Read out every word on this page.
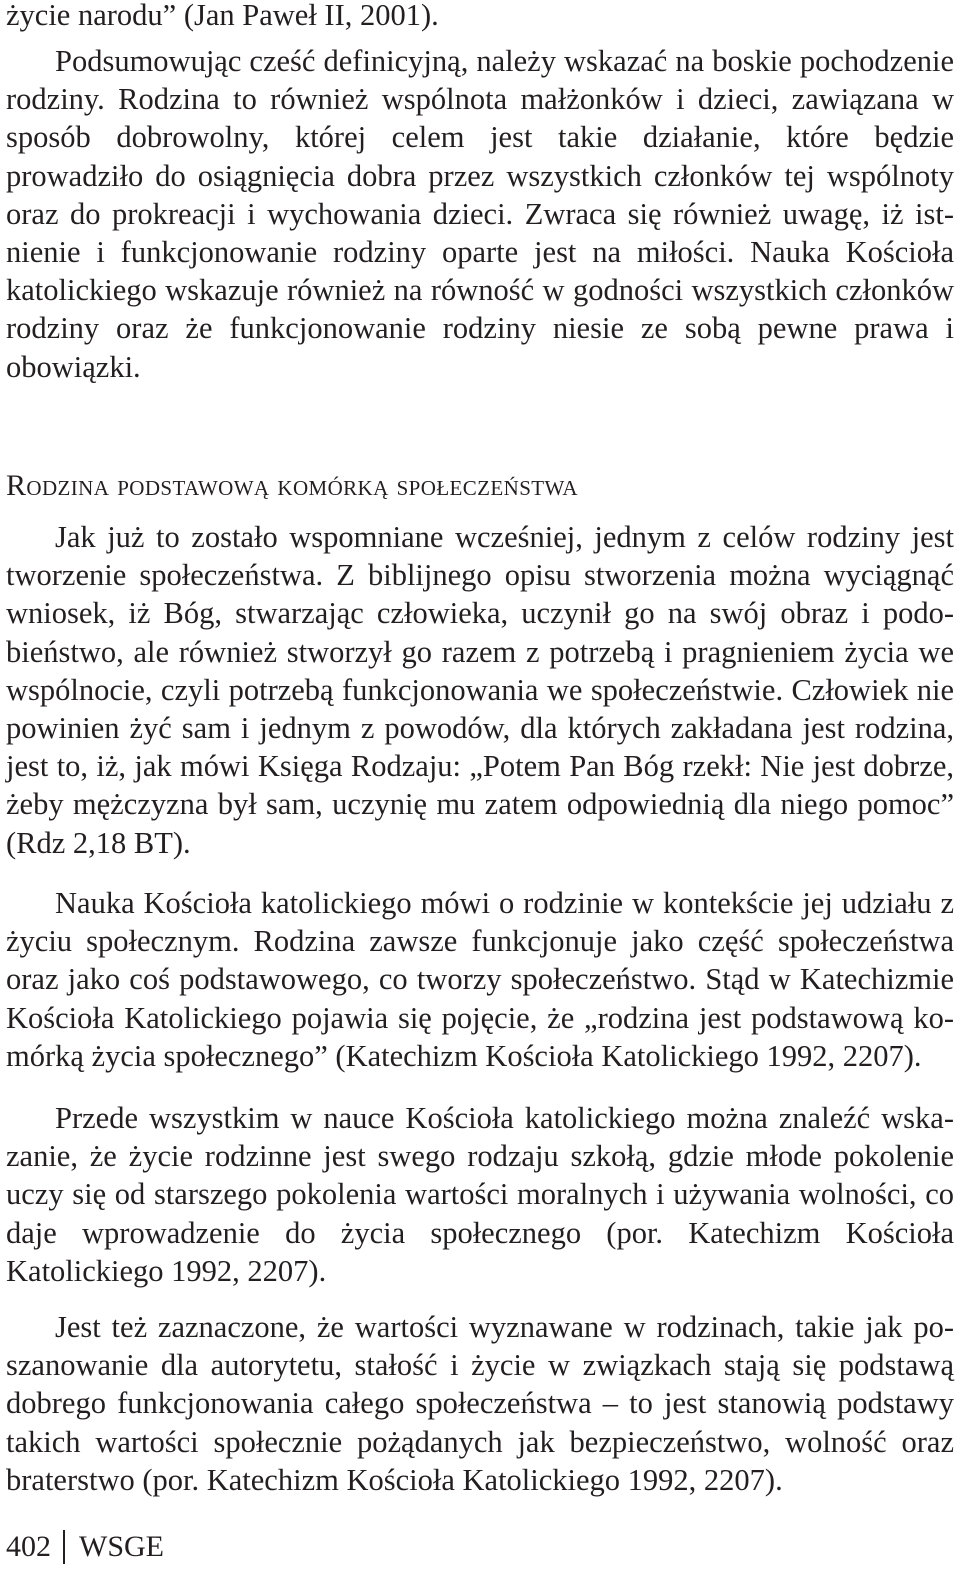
życie narodu” (Jan Paweł II, 2001).

Podsumowując cześć definicyjną, należy wskazać na boskie pochodzenie rodziny. Rodzina to również wspólnota małżonków i dzieci, zawiązana w sposób dobrowolny, której celem jest takie działanie, które będzie prowadziło do osiągnięcia dobra przez wszystkich członków tej wspólnoty oraz do prokreacji i wychowania dzieci. Zwraca się również uwagę, iż istnienie i funkcjonowanie rodziny oparte jest na miłości. Nauka Kościoła katolickiego wskazuje również na równość w godności wszystkich członków rodziny oraz że funkcjonowanie rodziny niesie ze sobą pewne prawa i obowiązki.

Rodzina podstawową komórką społeczeństwa

Jak już to zostało wspomniane wcześniej, jednym z celów rodziny jest tworzenie społeczeństwa. Z biblijnego opisu stworzenia można wyciągnąć wniosek, iż Bóg, stwarzając człowieka, uczynił go na swój obraz i podobieństwo, ale również stworzył go razem z potrzebą i pragnieniem życia we wspólnocie, czyli potrzebą funkcjonowania we społeczeństwie. Człowiek nie powinien żyć sam i jednym z powodów, dla których zakładana jest rodzina, jest to, iż, jak mówi Księga Rodzaju: „Potem Pan Bóg rzekł: Nie jest dobrze, żeby mężczyzna był sam, uczynię mu zatem odpowiednią dla niego pomoc” (Rdz 2,18 BT).

Nauka Kościoła katolickiego mówi o rodzinie w kontekście jej udziału z życiu społecznym. Rodzina zawsze funkcjonuje jako część społeczeństwa oraz jako coś podstawowego, co tworzy społeczeństwo. Stąd w Katechizmie Kościoła Katolickiego pojawia się pojęcie, że „rodzina jest podstawową komórką życia społecznego” (Katechizm Kościoła Katolickiego 1992, 2207).

Przede wszystkim w nauce Kościoła katolickiego można znaleźć wskazanie, że życie rodzinne jest swego rodzaju szkołą, gdzie młode pokolenie uczy się od starszego pokolenia wartości moralnych i używania wolności, co daje wprowadzenie do życia społecznego (por. Katechizm Kościoła Katolickiego 1992, 2207).

Jest też zaznaczone, że wartości wyznawane w rodzinach, takie jak poszanowanie dla autorytetu, stałość i życie w związkach stają się podstawą dobrego funkcjonowania całego społeczeństwa – to jest stanowią podstawy takich wartości społecznie pożądanych jak bezpieczeństwo, wolność oraz braterstwo (por. Katechizm Kościoła Katolickiego 1992, 2207).

402 WSGE
